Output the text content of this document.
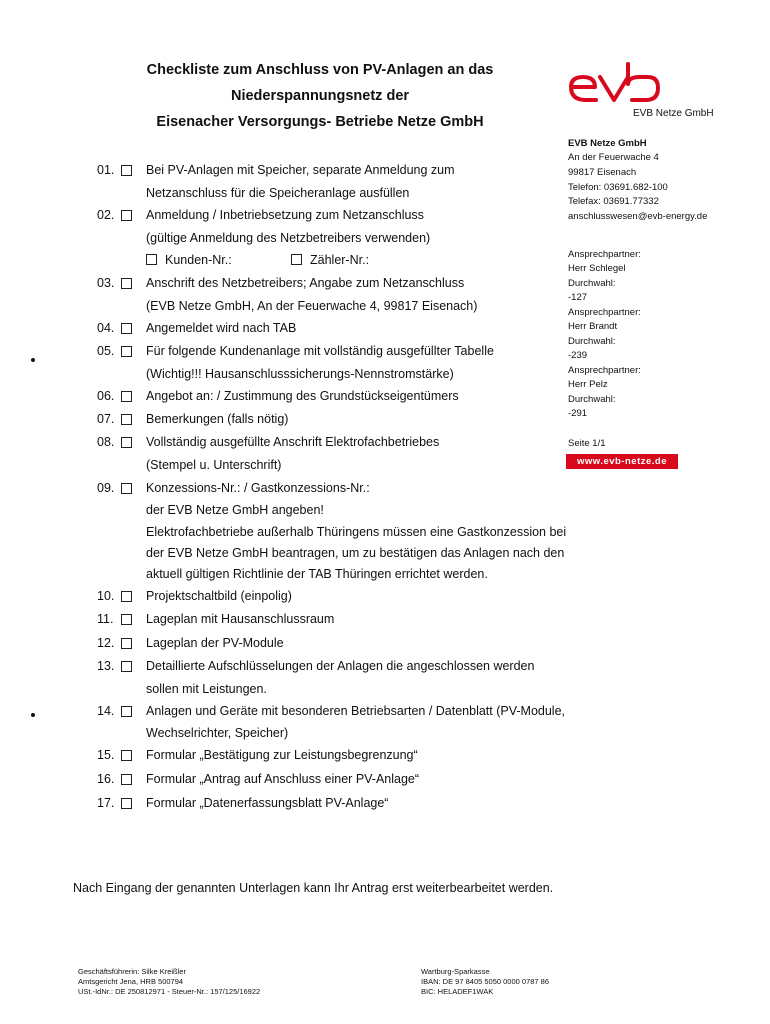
Checkliste zum Anschluss von PV-Anlagen an das
Niederspannungsnetz der
Eisenacher Versorgungs- Betriebe Netze GmbH
EVB Netze GmbH
01.	Bei PV-Anlagen mit Speicher, separate Anmeldung zum
Netzanschluss für die Speicheranlage ausfüllen
02.	Anmeldung / Inbetriebsetzung zum Netzanschluss
(gültige Anmeldung des Netzbetreibers verwenden)
Kunden-Nr.:	Zähler-Nr.:
03.	Anschrift des Netzbetreibers; Angabe zum Netzanschluss
(EVB Netze GmbH, An der Feuerwache 4, 99817 Eisenach)
04.	Angemeldet wird nach TAB
05.	Für folgende Kundenanlage mit vollständig ausgefüllter Tabelle
(Wichtig!!! Hausanschlusssicherungs-Nennstromstärke)
06.	Angebot an: / Zustimmung des Grundstückseigentümers
07.	Bemerkungen (falls nötig)
08.	Vollständig ausgefüllte Anschrift Elektrofachbetriebes
(Stempel u. Unterschrift)
09.	Konzessions-Nr.: / Gastkonzessions-Nr.:
der EVB Netze GmbH angeben!
Elektrofachbetriebe außerhalb Thüringens müssen eine Gastkonzession bei
der EVB Netze GmbH beantragen, um zu bestätigen das Anlagen nach den
aktuell gültigen Richtlinie der TAB Thüringen errichtet werden.
10.	Projektschaltbild (einpolig)
11.	Lageplan mit Hausanschlussraum
12.	Lageplan der PV-Module
13.	Detaillierte Aufschlüsselungen der Anlagen die angeschlossen werden
sollen mit Leistungen.
14.	Anlagen und Geräte mit besonderen Betriebsarten / Datenblatt (PV-Module,
Wechselrichter, Speicher)
15.	Formular „Bestätigung zur Leistungsbegrenzung“
16.	Formular „Antrag auf Anschluss einer PV-Anlage“
17.	Formular „Datenerfassungsblatt PV-Anlage“
Nach Eingang der genannten Unterlagen kann Ihr Antrag erst weiterbearbeitet werden.
EVB Netze GmbH
An der Feuerwache 4
99817 Eisenach
Telefon: 03691.682-100
Telefax: 03691.77332
anschlusswesen@evb-energy.de
Ansprechpartner:
Herr Schlegel
Durchwahl:
-127
Ansprechpartner:
Herr Brandt
Durchwahl:
-239
Ansprechpartner:
Herr Pelz
Durchwahl:
-291
Seite 1/1
www.evb-netze.de
Geschäftsführerin: Silke Kreißler
Amtsgericht Jena, HRB 500794
USt.-IdNr.: DE 250812971 - Steuer-Nr.: 157/125/16922
Wartburg-Sparkasse
IBAN: DE 97 8405 5050 0000 0787 86
BIC: HELADEF1WAK
